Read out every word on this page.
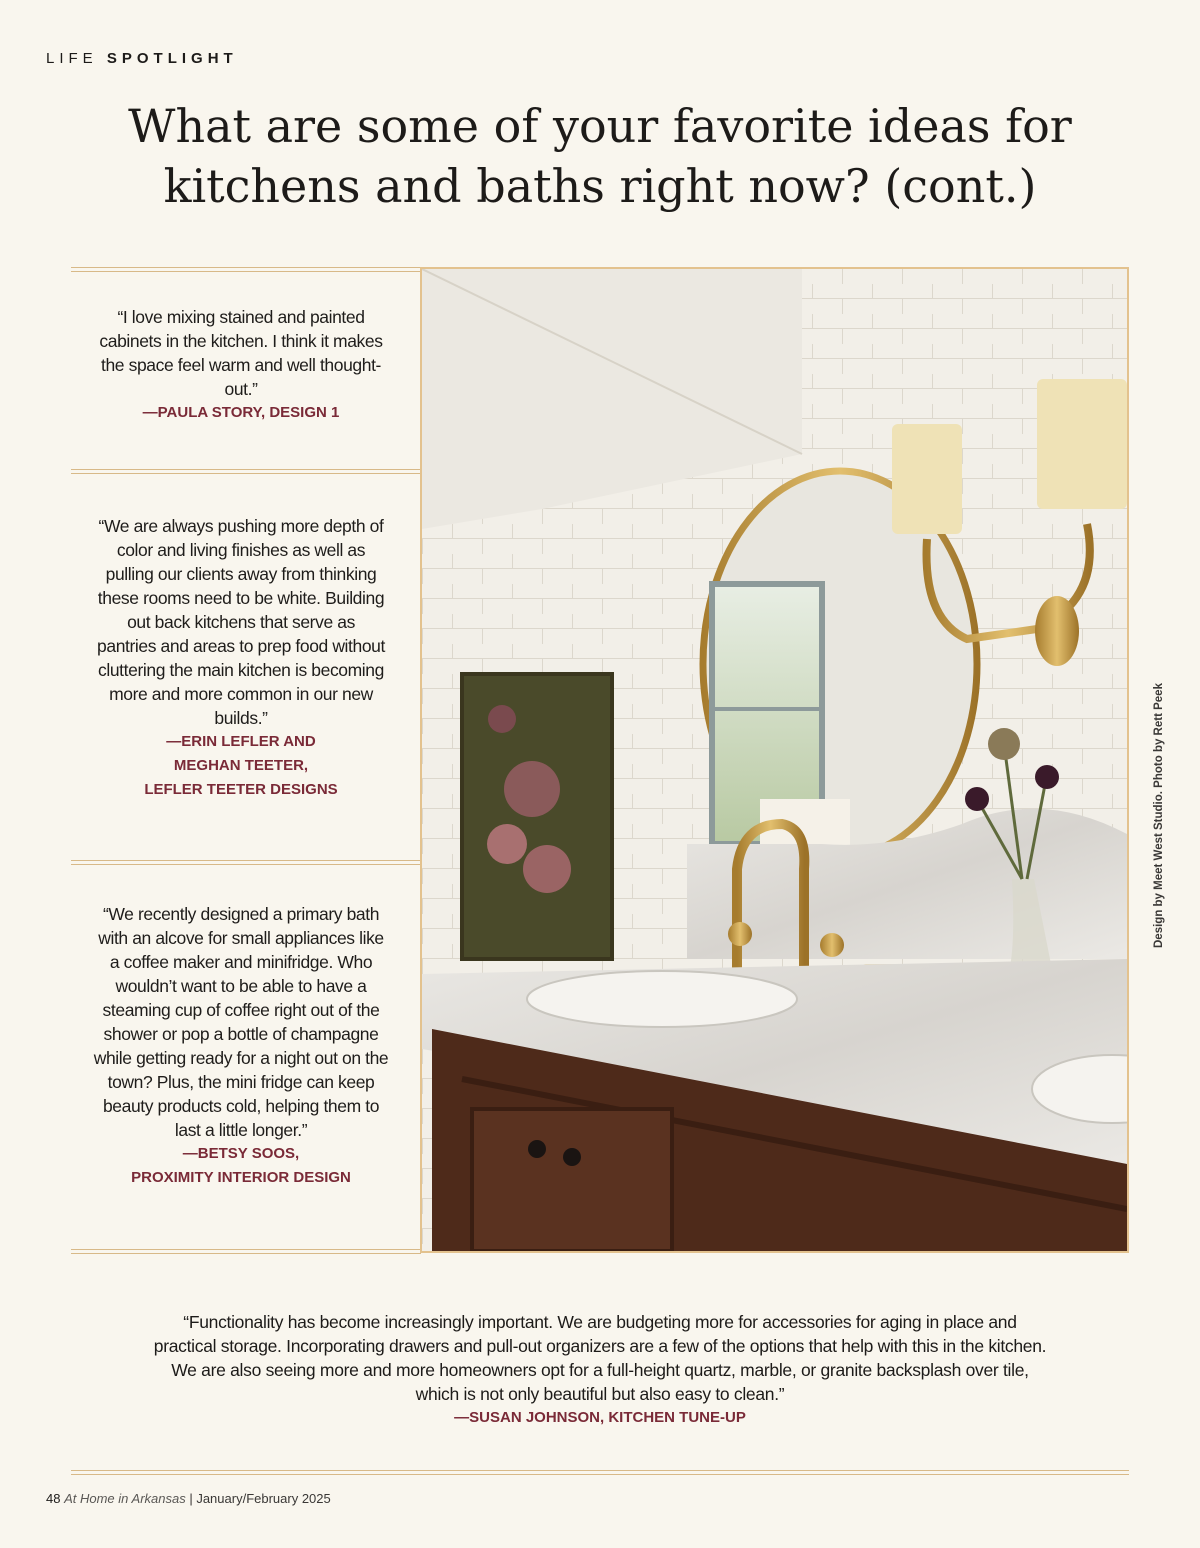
LIFE SPOTLIGHT
What are some of your favorite ideas for
kitchens and baths right now? (cont.)
“I love mixing stained and painted cabinets in the kitchen. I think it makes the space feel warm and well thought-out.”
—PAULA STORY, DESIGN 1
“We are always pushing more depth of color and living finishes as well as pulling our clients away from thinking these rooms need to be white. Building out back kitchens that serve as pantries and areas to prep food without cluttering the main kitchen is becoming more and more common in our new builds.”
—ERIN LEFLER AND
MEGHAN TEETER,
LEFLER TEETER DESIGNS
“We recently designed a primary bath with an alcove for small appliances like a coffee maker and minifridge. Who wouldn’t want to be able to have a steaming cup of coffee right out of the shower or pop a bottle of champagne while getting ready for a night out on the town? Plus, the mini fridge can keep beauty products cold, helping them to last a little longer.”
—BETSY SOOS,
PROXIMITY INTERIOR DESIGN
Design by Meet West Studio. Photo by Rett Peek
“Functionality has become increasingly important. We are budgeting more for accessories for aging in place and practical storage. Incorporating drawers and pull-out organizers are a few of the options that help with this in the kitchen. We are also seeing more and more homeowners opt for a full-height quartz, marble, or granite backsplash over tile, which is not only beautiful but also easy to clean.”
—SUSAN JOHNSON, KITCHEN TUNE-UP
48 At Home in Arkansas | January/February 2025
